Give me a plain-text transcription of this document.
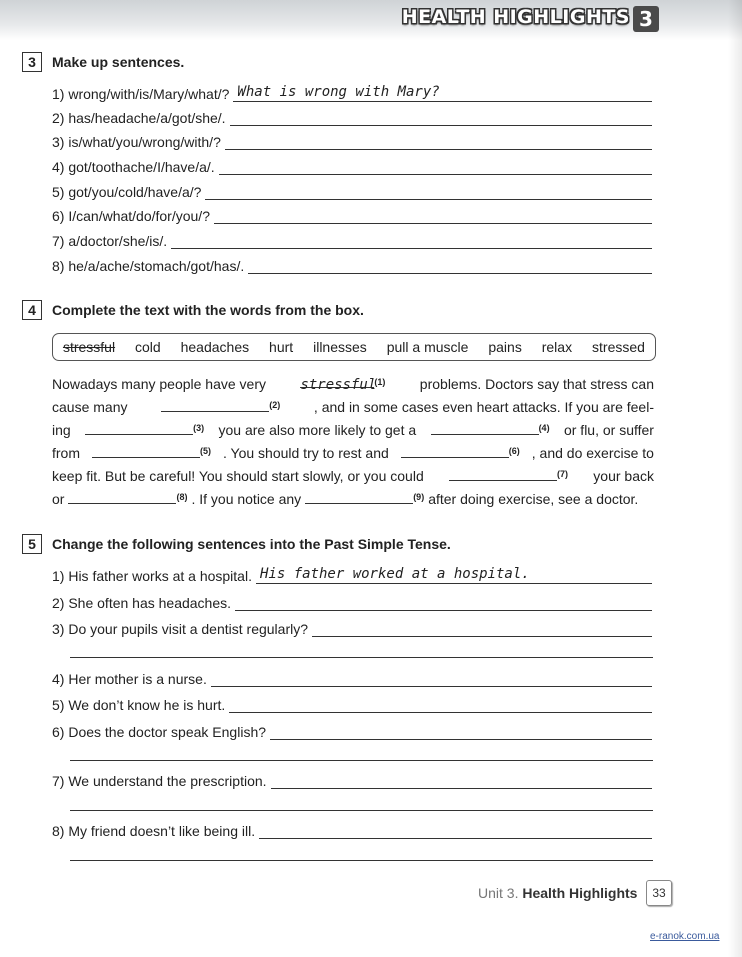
HEALTH HIGHLIGHTS 3
3	Make up sentences.
1) wrong/with/is/Mary/what/? What is wrong with Mary?
2) has/headache/a/got/she/.
3) is/what/you/wrong/with/?
4) got/toothache/I/have/a/.
5) got/you/cold/have/a/?
6) I/can/what/do/for/you/?
7) a/doctor/she/is/.
8) he/a/ache/stomach/got/has/.
4	Complete the text with the words from the box.
stressful cold headaches hurt illnesses pull a muscle pains relax stressed
Nowadays many people have very stressful$^{(1)}$ problems. Doctors say that stress can
cause many	$^{(2)}$ , and in some cases even heart attacks. If you are feel-
ing	$^{(3)}$ you are also more likely to get a	$^{(4)}$ or flu, or suffer
from	$^{(5)}$ . You should try to rest and	$^{(6)}$ , and do exercise to
keep fit. But be careful! You should start slowly, or you could	$^{(7)}$ your back
or	$^{(8)}$ . If you notice any	$^{(9)}$ after doing exercise, see a doctor.
5	Change the following sentences into the Past Simple Tense.
1) His father works at a hospital. His father worked at a hospital.
2) She often has headaches.
3) Do your pupils visit a dentist regularly?
4) Her mother is a nurse.
5) We don’t know he is hurt.
6) Does the doctor speak English?
7) We understand the prescription.
8) My friend doesn’t like being ill.
Unit 3. Health Highlights	33
e-ranok.com.ua
